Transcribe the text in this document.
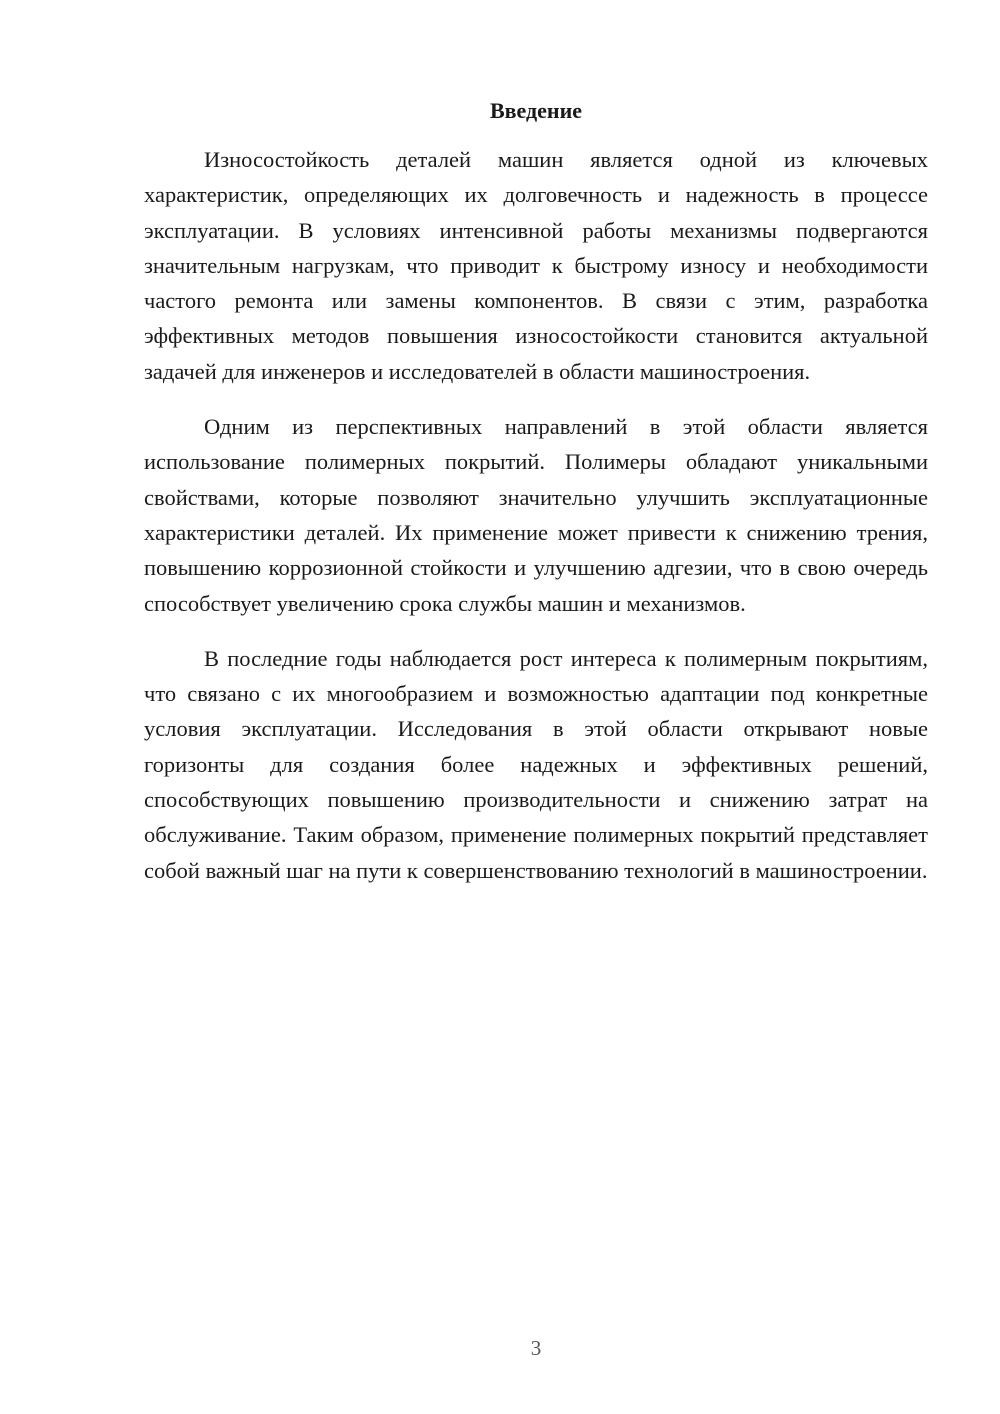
Введение

Износостойкость деталей машин является одной из ключевых характеристик, определяющих их долговечность и надежность в процессе эксплуатации. В условиях интенсивной работы механизмы подвергаются значительным нагрузкам, что приводит к быстрому износу и необходимости частого ремонта или замены компонентов. В связи с этим, разработка эффективных методов повышения износостойкости становится актуальной задачей для инженеров и исследователей в области машиностроения.

Одним из перспективных направлений в этой области является использование полимерных покрытий. Полимеры обладают уникальными свойствами, которые позволяют значительно улучшить эксплуатационные характеристики деталей. Их применение может привести к снижению трения, повышению коррозионной стойкости и улучшению адгезии, что в свою очередь способствует увеличению срока службы машин и механизмов.

В последние годы наблюдается рост интереса к полимерным покрытиям, что связано с их многообразием и возможностью адаптации под конкретные условия эксплуатации. Исследования в этой области открывают новые горизонты для создания более надежных и эффективных решений, способствующих повышению производительности и снижению затрат на обслуживание. Таким образом, применение полимерных покрытий представляет собой важный шаг на пути к совершенствованию технологий в машиностроении.

3
